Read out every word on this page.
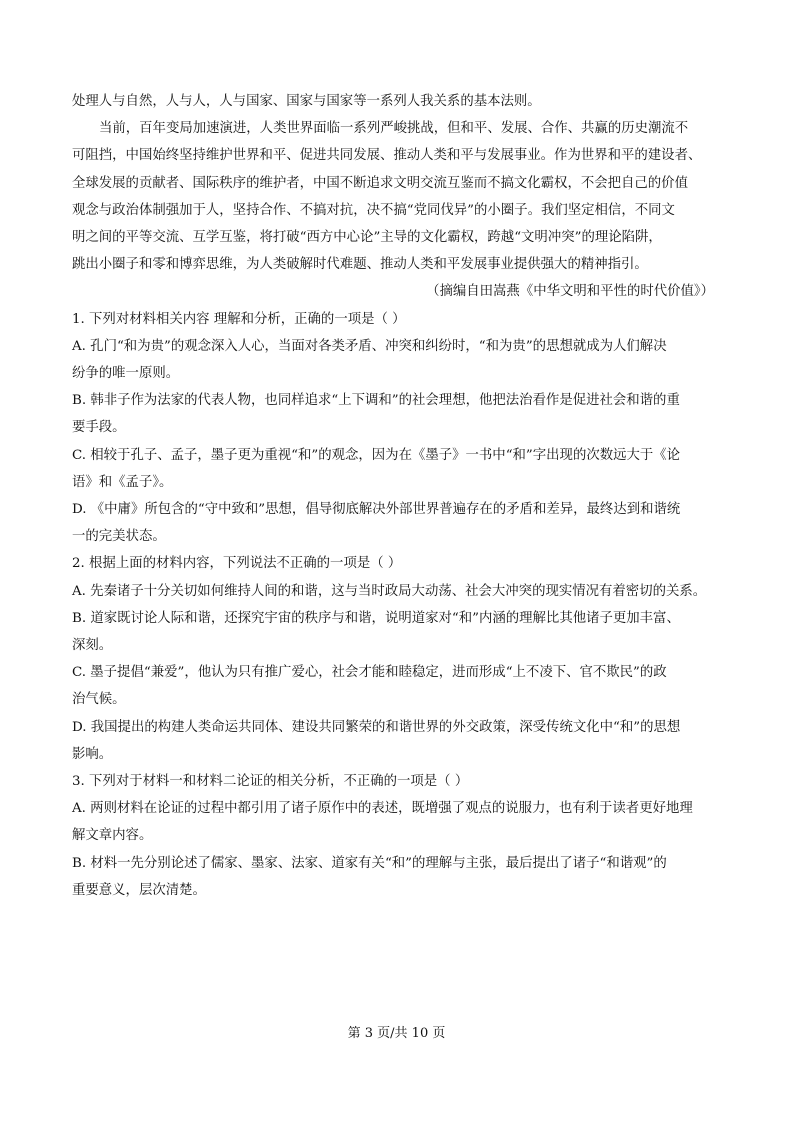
处理人与自然，人与人，人与国家、国家与国家等一系列人我关系的基本法则。

当前，百年变局加速演进，人类世界面临一系列严峻挑战，但和平、发展、合作、共赢的历史潮流不

可阻挡，中国始终坚持维护世界和平、促进共同发展、推动人类和平与发展事业。作为世界和平的建设者、

全球发展的贡献者、国际秩序的维护者，中国不断追求文明交流互鉴而不搞文化霸权，不会把自己的价值

观念与政治体制强加于人，坚持合作、不搞对抗，决不搞“党同伐异”的小圈子。我们坚定相信，不同文

明之间的平等交流、互学互鉴，将打破“西方中心论”主导的文化霸权，跨越“文明冲突”的理论陷阱，

跳出小圈子和零和博弈思维，为人类破解时代难题、推动人类和平发展事业提供强大的精神指引。

（摘编自田嵩燕《中华文明和平性的时代价值》）

1. 下列对材料相关内容 理解和分析，正确的一项是（ ）

A. 孔门“和为贵”的观念深入人心，当面对各类矛盾、冲突和纠纷时，“和为贵”的思想就成为人们解决

纷争的唯一原则。

B. 韩非子作为法家的代表人物，也同样追求“上下调和”的社会理想，他把法治看作是促进社会和谐的重

要手段。

C. 相较于孔子、孟子，墨子更为重视“和”的观念，因为在《墨子》一书中“和”字出现的次数远大于《论

语》和《孟子》。

D. 《中庸》所包含的“守中致和”思想，倡导彻底解决外部世界普遍存在的矛盾和差异，最终达到和谐统

一的完美状态。

2. 根据上面的材料内容，下列说法不正确的一项是（ ）

A. 先秦诸子十分关切如何维持人间的和谐，这与当时政局大动荡、社会大冲突的现实情况有着密切的关系。

B. 道家既讨论人际和谐，还探究宇宙的秩序与和谐，说明道家对“和”内涵的理解比其他诸子更加丰富、

深刻。

C. 墨子提倡“兼爱”，他认为只有推广爱心，社会才能和睦稳定，进而形成“上不凌下、官不欺民”的政

治气候。

D. 我国提出的构建人类命运共同体、建设共同繁荣的和谐世界的外交政策，深受传统文化中“和”的思想

影响。

3. 下列对于材料一和材料二论证的相关分析，不正确的一项是（ ）

A. 两则材料在论证的过程中都引用了诸子原作中的表述，既增强了观点的说服力，也有利于读者更好地理

解文章内容。

B. 材料一先分别论述了儒家、墨家、法家、道家有关“和”的理解与主张，最后提出了诸子“和谐观”的

重要意义，层次清楚。

第 3 页/共 10 页
